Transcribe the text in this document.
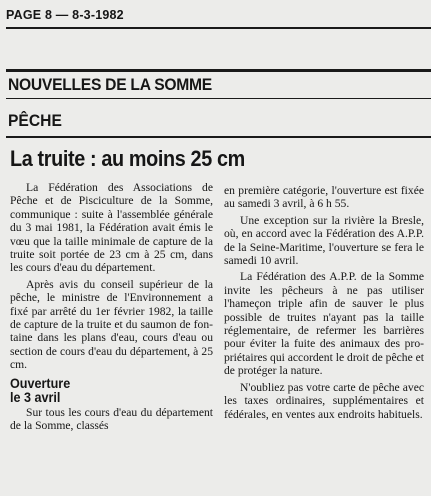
PAGE 8 — 8-3-1982
NOUVELLES DE LA SOMME
PÊCHE
La truite : au moins 25 cm

La Fédération des Associations de Pêche et de Pisciculture de la Somme, communique : suite à l'assemblée générale du 3 mai 1981, la Fédération avait émis le vœu que la taille minimale de capture de la truite soit portée de 23 cm à 25 cm, dans les cours d'eau du département.

Après avis du conseil supérieur de la pêche, le ministre de l'Environnement a fixé par arrêté du 1er février 1982, la taille de capture de la truite et du saumon de fontaine dans les plans d'eau, cours d'eau ou section de cours d'eau du département, à 25 cm.

Ouverture
le 3 avril

Sur tous les cours d'eau du département de la Somme, classés

en première catégorie, l'ouverture est fixée au samedi 3 avril, à 6 h 55.

Une exception sur la rivière la Bresle, où, en accord avec la Fédération des A.P.P. de la Seine-Maritime, l'ouverture se fera le samedi 10 avril.

La Fédération des A.P.P. de la Somme invite les pêcheurs à ne pas utiliser l'hameçon triple afin de sauver le plus possible de truites n'ayant pas la taille réglementaire, de refermer les barrières pour éviter la fuite des animaux des propriétaires qui accordent le droit de pêche et de protéger la nature.

N'oubliez pas votre carte de pêche avec les taxes ordinaires, supplémentaires et fédérales, en ventes aux endroits habituels.
